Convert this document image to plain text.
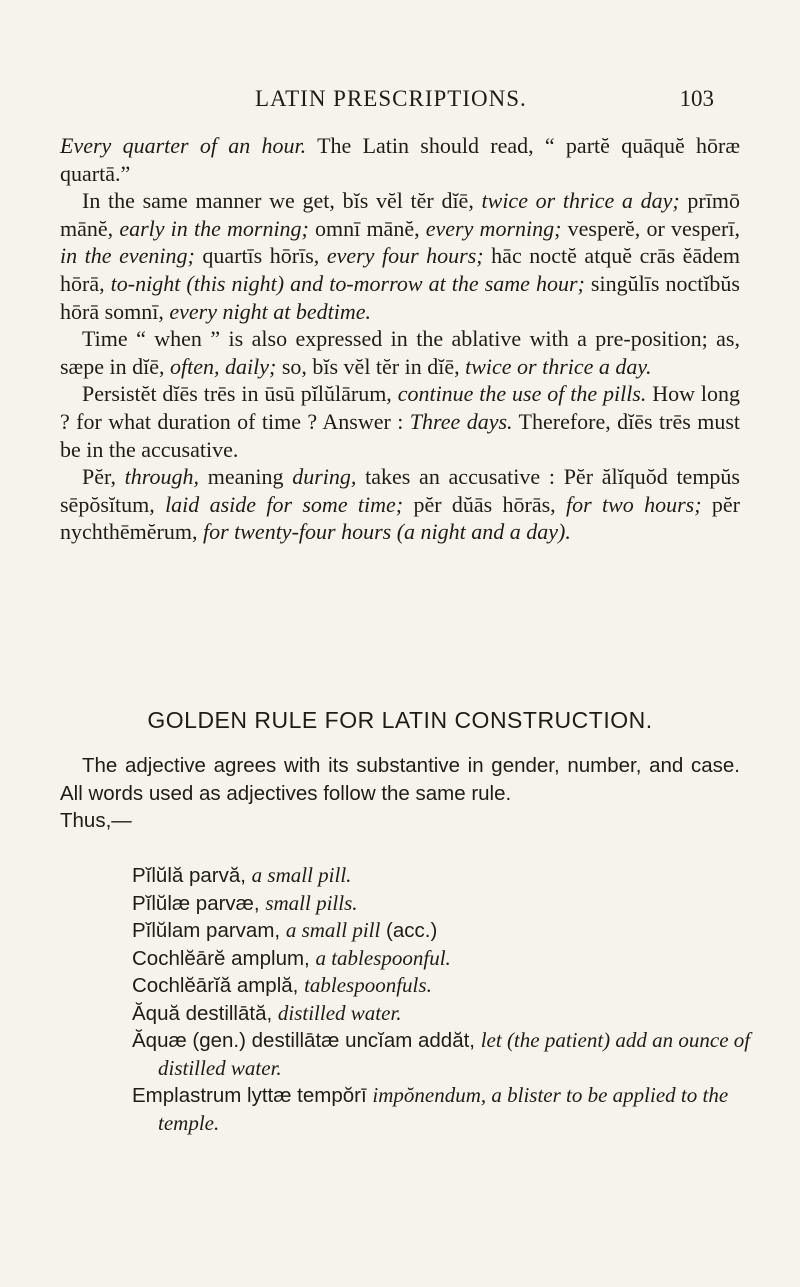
LATIN PRESCRIPTIONS.	103

Every quarter of an hour. The Latin should read, “ partĕ quāquĕ hōræ quartā.”

In the same manner we get, bĭs vĕl tĕr dĭē, twice or thrice a day; prīmō mānĕ, early in the morning; omnī mānĕ, every morning; vesperĕ, or vesperī, in the evening; quartīs hōrīs, every four hours; hāc noctĕ atquĕ crās ĕādem hōrā, to-night (this night) and to-morrow at the same hour; singŭlīs noctĭbŭs hōrā somnī, every night at bedtime.

Time “ when ” is also expressed in the ablative with a pre-position; as, sæpe in dĭē, often, daily; so, bĭs vĕl tĕr in dĭē, twice or thrice a day.

Persistĕt dĭēs trēs in ūsū pĭlŭlārum, continue the use of the pills. How long ? for what duration of time ? Answer : Three days. Therefore, dĭēs trēs must be in the accusative.

Pĕr, through, meaning during, takes an accusative : Pĕr ălĭquŏd tempŭs sēpŏsĭtum, laid aside for some time; pĕr dŭās hōrās, for two hours; pĕr nychthēmĕrum, for twenty-four hours (a night and a day).

GOLDEN RULE FOR LATIN CONSTRUCTION.

The adjective agrees with its substantive in gender, number, and case. All words used as adjectives follow the same rule.

Thus,—

Pĭlŭlă parvă, a small pill.
Pĭlŭlæ parvæ, small pills.
Pĭlŭlam parvam, a small pill (acc.)
Cochlĕārĕ amplum, a tablespoonful.
Cochlĕārĭă amplă, tablespoonfuls.
Ăquă destillātă, distilled water.
Ăquæ (gen.) destillātæ uncĭam addăt, let (the patient) add an ounce of distilled water.
Emplastrum lyttæ tempŏrī impŏnendum, a blister to be applied to the temple.
